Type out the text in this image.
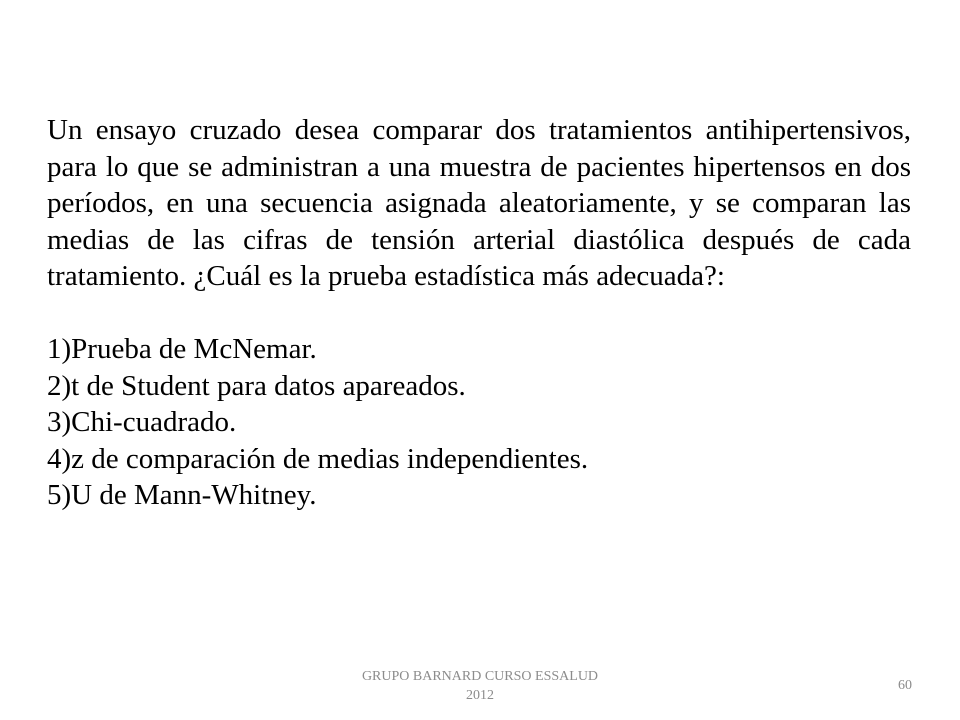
Un ensayo cruzado desea comparar dos tratamientos antihipertensivos, para lo que se administran a una muestra de pacientes hipertensos en dos períodos, en una secuencia asignada aleatoriamente, y se comparan las medias de las cifras de tensión arterial diastólica después de cada tratamiento. ¿Cuál es la prueba estadística más adecuada?:

1)Prueba de McNemar.
2)t de Student para datos apareados.
3)Chi-cuadrado.
4)z de comparación de medias independientes.
5)U de Mann-Whitney.
GRUPO BARNARD CURSO ESSALUD
2012
60
